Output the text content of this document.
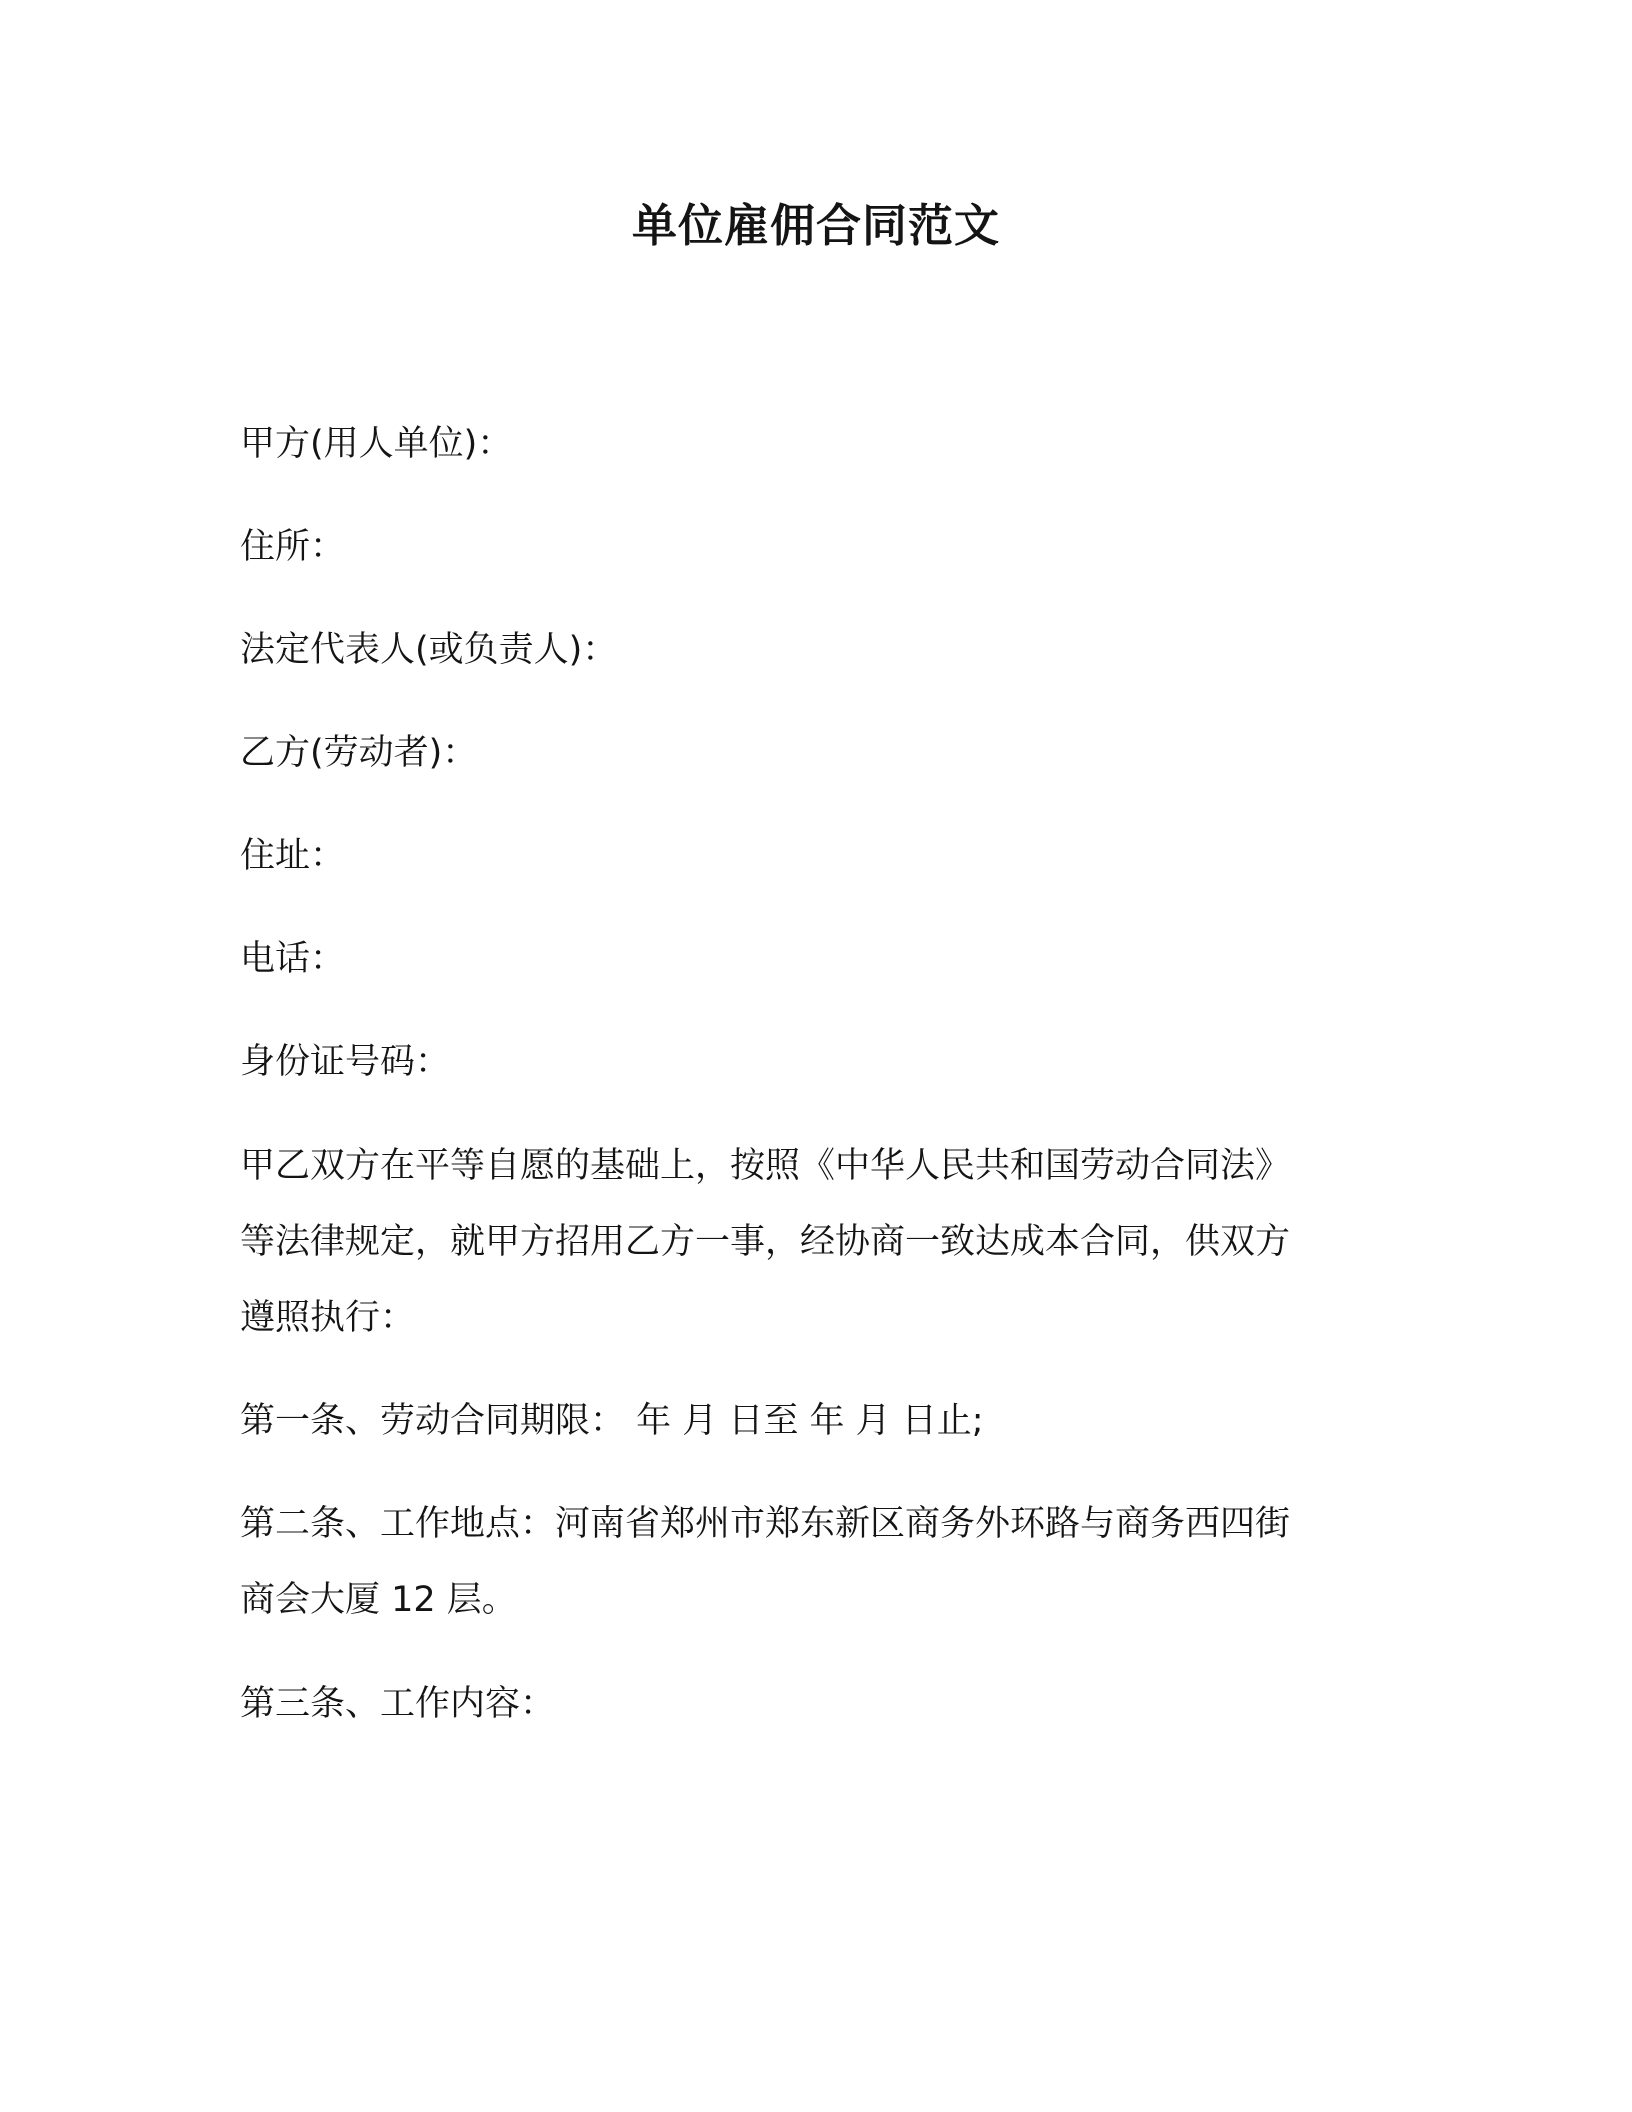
单位雇佣合同范文
甲方(用人单位)：
住所：
法定代表人(或负责人)：
乙方(劳动者)：
住址：
电话：
身份证号码：
甲乙双方在平等自愿的基础上，按照《中华人民共和国劳动合同法》
等法律规定，就甲方招用乙方一事，经协商一致达成本合同，供双方
遵照执行：
第一条、劳动合同期限： 年 月 日至 年 月 日止;
第二条、工作地点：河南省郑州市郑东新区商务外环路与商务西四街
商会大厦 12 层。
第三条、工作内容：
